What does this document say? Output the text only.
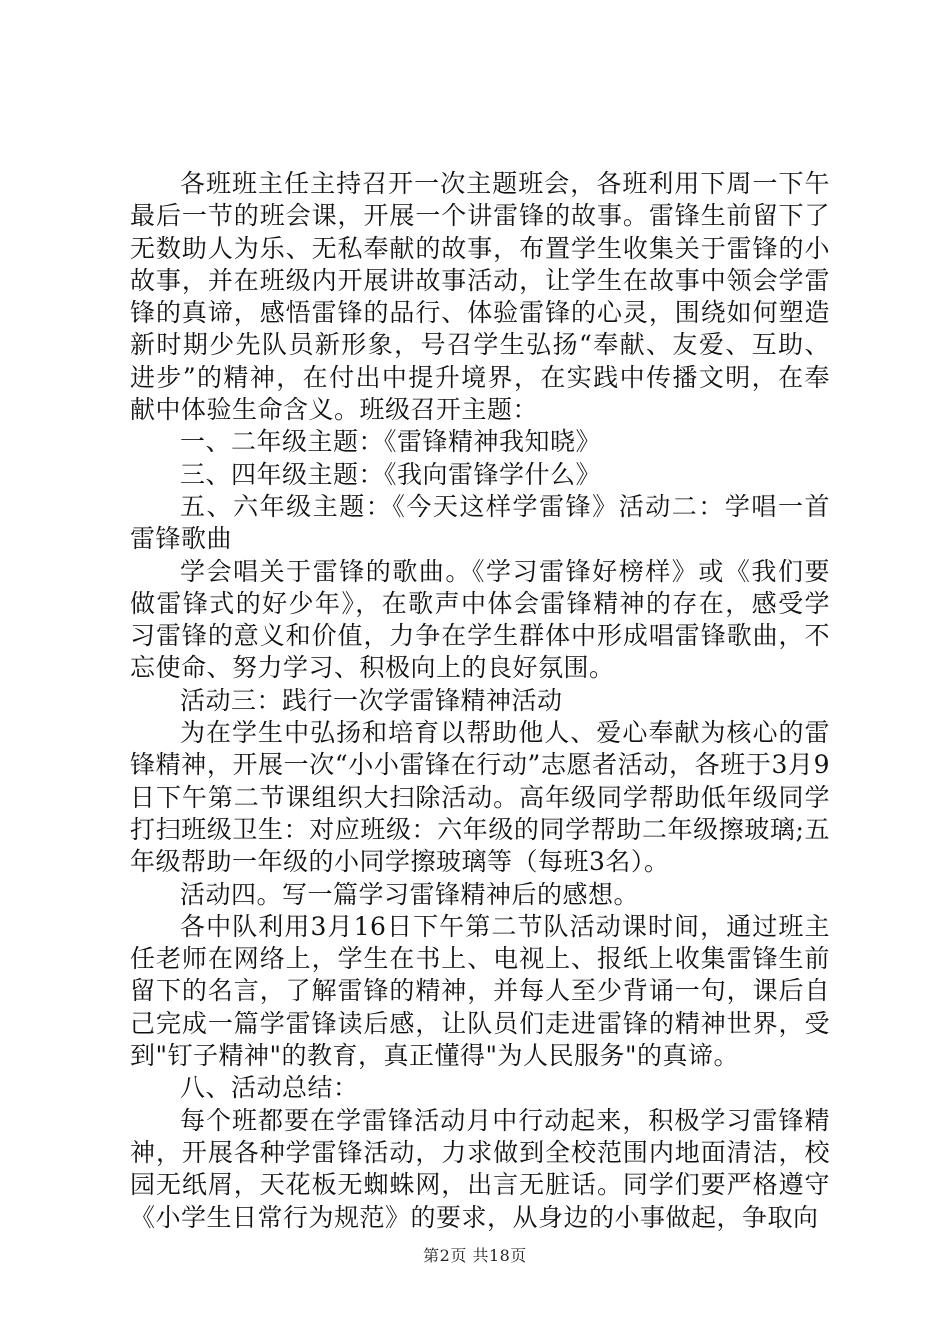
各班班主任主持召开一次主题班会，各班利用下周一下午最后一节的班会课，开展一个讲雷锋的故事。雷锋生前留下了无数助人为乐、无私奉献的故事，布置学生收集关于雷锋的小故事，并在班级内开展讲故事活动，让学生在故事中领会学雷锋的真谛，感悟雷锋的品行、体验雷锋的心灵，围绕如何塑造新时期少先队员新形象，号召学生弘扬“奉献、友爱、互助、进步”的精神，在付出中提升境界，在实践中传播文明，在奉献中体验生命含义。班级召开主题：

一、二年级主题：《雷锋精神我知晓》

三、四年级主题：《我向雷锋学什么》

五、六年级主题：《今天这样学雷锋》活动二：学唱一首雷锋歌曲

学会唱关于雷锋的歌曲。《学习雷锋好榜样》或《我们要做雷锋式的好少年》，在歌声中体会雷锋精神的存在，感受学习雷锋的意义和价值，力争在学生群体中形成唱雷锋歌曲，不忘使命、努力学习、积极向上的良好氛围。

活动三：践行一次学雷锋精神活动

为在学生中弘扬和培育以帮助他人、爱心奉献为核心的雷锋精神，开展一次“小小雷锋在行动”志愿者活动，各班于3月9日下午第二节课组织大扫除活动。高年级同学帮助低年级同学打扫班级卫生：对应班级：六年级的同学帮助二年级擦玻璃;五年级帮助一年级的小同学擦玻璃等（每班3名）。

活动四。写一篇学习雷锋精神后的感想。

各中队利用3月16日下午第二节队活动课时间，通过班主任老师在网络上，学生在书上、电视上、报纸上收集雷锋生前留下的名言，了解雷锋的精神，并每人至少背诵一句，课后自己完成一篇学雷锋读后感，让队员们走进雷锋的精神世界，受到"钉子精神"的教育，真正懂得"为人民服务"的真谛。

八、活动总结：

每个班都要在学雷锋活动月中行动起来，积极学习雷锋精神，开展各种学雷锋活动，力求做到全校范围内地面清洁，校园无纸屑，天花板无蜘蛛网，出言无脏话。同学们要严格遵守《小学生日常行为规范》的要求，从身边的小事做起，争取向

第2页 共18页
